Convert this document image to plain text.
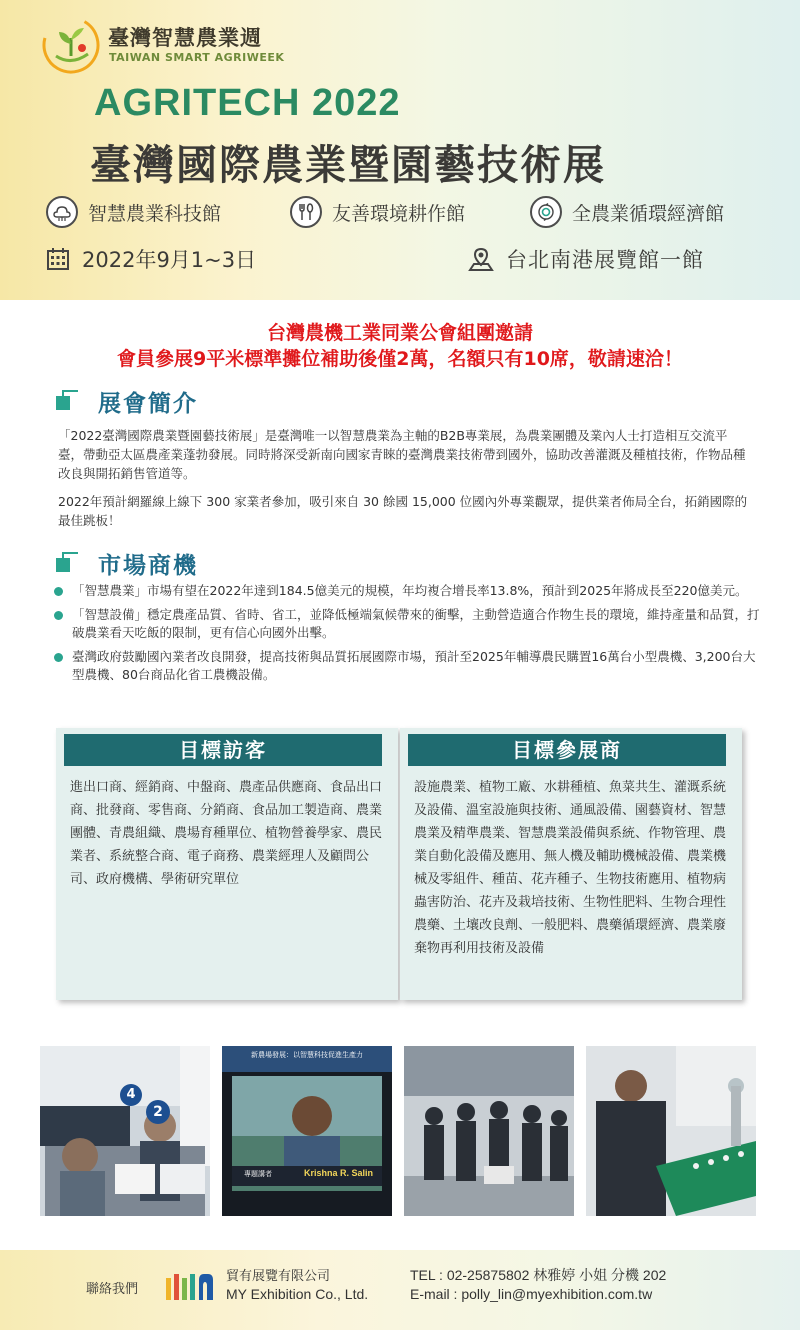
臺灣智慧農業週
TAIWAN SMART AGRIWEEK
AGRITECH 2022
臺灣國際農業暨園藝技術展
智慧農業科技館	友善環境耕作館	全農業循環經濟館
2022年9月1~3日	台北南港展覽館一館
台灣農機工業同業公會組團邀請
會員參展9平米標準攤位補助後僅2萬，名額只有10席，敬請速洽！
展會簡介
「2022臺灣國際農業暨園藝技術展」是臺灣唯一以智慧農業為主軸的B2B專業展，為農業團體及業內人士打造相互交流平臺，帶動亞太區農產業蓬勃發展。同時將深受新南向國家青睞的臺灣農業技術帶到國外，協助改善灌溉及種植技術，作物品種改良與開拓銷售管道等。
2022年預計網羅線上線下 300 家業者參加，吸引來自 30 餘國 15,000 位國內外專業觀眾，提供業者佈局全台，拓銷國際的最佳跳板！
市場商機
「智慧農業」市場有望在2022年達到184.5億美元的規模，年均複合增長率13.8%，預計到2025年將成長至220億美元。
「智慧設備」穩定農產品質、省時、省工，並降低極端氣候帶來的衝擊，主動營造適合作物生長的環境，維持產量和品質，打破農業看天吃飯的限制，更有信心向國外出擊。
臺灣政府鼓勵國內業者改良開發，提高技術與品質拓展國際市場，預計至2025年輔導農民購置16萬台小型農機、3,200台大型農機、80台商品化省工農機設備。
目標訪客
進出口商、經銷商、中盤商、農產品供應商、食品出口商、批發商、零售商、分銷商、食品加工製造商、農業團體、青農組織、農場育種單位、植物營養學家、農民業者、系統整合商、電子商務、農業經理人及顧問公司、政府機構、學術研究單位
目標參展商
設施農業、植物工廠、水耕種植、魚菜共生、灌溉系統及設備、溫室設施與技術、通風設備、園藝資材、智慧農業及精準農業、智慧農業設備與系統、作物管理、農業自動化設備及應用、無人機及輔助機械設備、農業機械及零組件、種苗、花卉種子、生物技術應用、植物病蟲害防治、花卉及栽培技術、生物性肥料、生物合理性農藥、土壤改良劑、一般肥料、農藥循環經濟、農業廢棄物再利用技術及設備
4
2
新農場發展：以智慧科技促進生產力
專題講者	Krishna R. Salin
聯絡我們
貿有展覽有限公司
MY Exhibition Co., Ltd.
TEL : 02-25875802 林雅婷 小姐 分機 202
E-mail : polly_lin@myexhibition.com.tw
